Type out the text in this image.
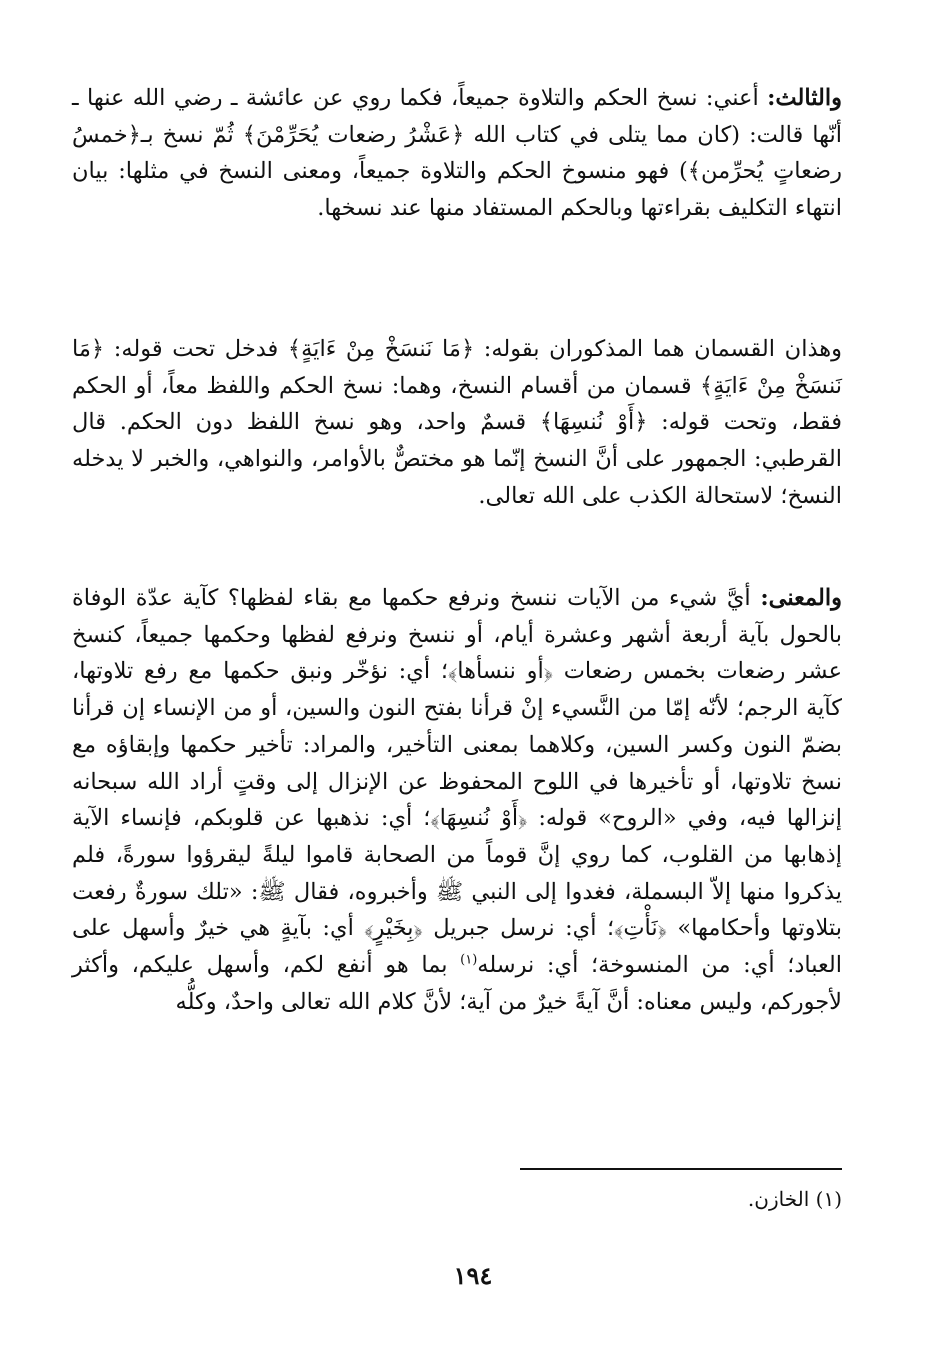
والثالث: أعني: نسخ الحكم والتلاوة جميعاً، فكما روي عن عائشة ـ رضي الله عنها ـ أنّها قالت: (كان مما يتلى في كتاب الله ﴿عَشْرُ رضعات يُحَرِّمْنَ﴾ ثُمّ نسخ بـ﴿خمسُ رضعاتٍ يُحرِّمن﴾) فهو منسوخ الحكم والتلاوة جميعاً، ومعنى النسخ في مثلها: بيان انتهاء التكليف بقراءتها وبالحكم المستفاد منها عند نسخها.

وهذان القسمان هما المذكوران بقوله: ﴿مَا نَنسَخْ مِنْ ءَايَةٍ﴾ فدخل تحت قوله: ﴿مَا نَنسَخْ مِنْ ءَايَةٍ﴾ قسمان من أقسام النسخ، وهما: نسخ الحكم واللفظ معاً، أو الحكم فقط، وتحت قوله: ﴿أَوْ نُنسِهَا﴾ قسمٌ واحد، وهو نسخ اللفظ دون الحكم. قال القرطبي: الجمهور على أنَّ النسخ إنّما هو مختصٌّ بالأوامر، والنواهي، والخبر لا يدخله النسخ؛ لاستحالة الكذب على الله تعالى.

والمعنى: أيَّ شيء من الآيات ننسخ ونرفع حكمها مع بقاء لفظها؟ كآية عدّة الوفاة بالحول بآية أربعة أشهر وعشرة أيام، أو ننسخ ونرفع لفظها وحكمها جميعاً، كنسخ عشر رضعات بخمس رضعات ﴿أو ننسأها﴾؛ أي: نؤخّر ونبق حكمها مع رفع تلاوتها، كآية الرجم؛ لأنّه إمّا من النَّسيء إنْ قرأنا بفتح النون والسين، أو من الإنساء إن قرأنا بضمّ النون وكسر السين، وكلاهما بمعنى التأخير، والمراد: تأخير حكمها وإبقاؤه مع نسخ تلاوتها، أو تأخيرها في اللوح المحفوظ عن الإنزال إلى وقتٍ أراد الله سبحانه إنزالها فيه، وفي «الروح» قوله: ﴿أَوْ نُنسِهَا﴾؛ أي: نذهبها عن قلوبكم، فإنساء الآية إذهابها من القلوب، كما روي إنَّ قوماً من الصحابة قاموا ليلةً ليقرؤوا سورةً، فلم يذكروا منها إلاّ البسملة، فغدوا إلى النبي ﷺ وأخبروه، فقال ﷺ: «تلك سورةٌ رفعت بتلاوتها وأحكامها» ﴿نَأْتِ﴾؛ أي: نرسل جبريل ﴿بِخَيْرٍ﴾ أي: بآيةٍ هي خيرٌ وأسهل على العباد؛ أي: من المنسوخة؛ أي: نرسله$^{(١)}$ بما هو أنفع لكم، وأسهل عليكم، وأكثر لأجوركم، وليس معناه: أنَّ آيةً خيرٌ من آية؛ لأنَّ كلام الله تعالى واحدٌ، وكلُّه

(١) الخازن.

١٩٤
